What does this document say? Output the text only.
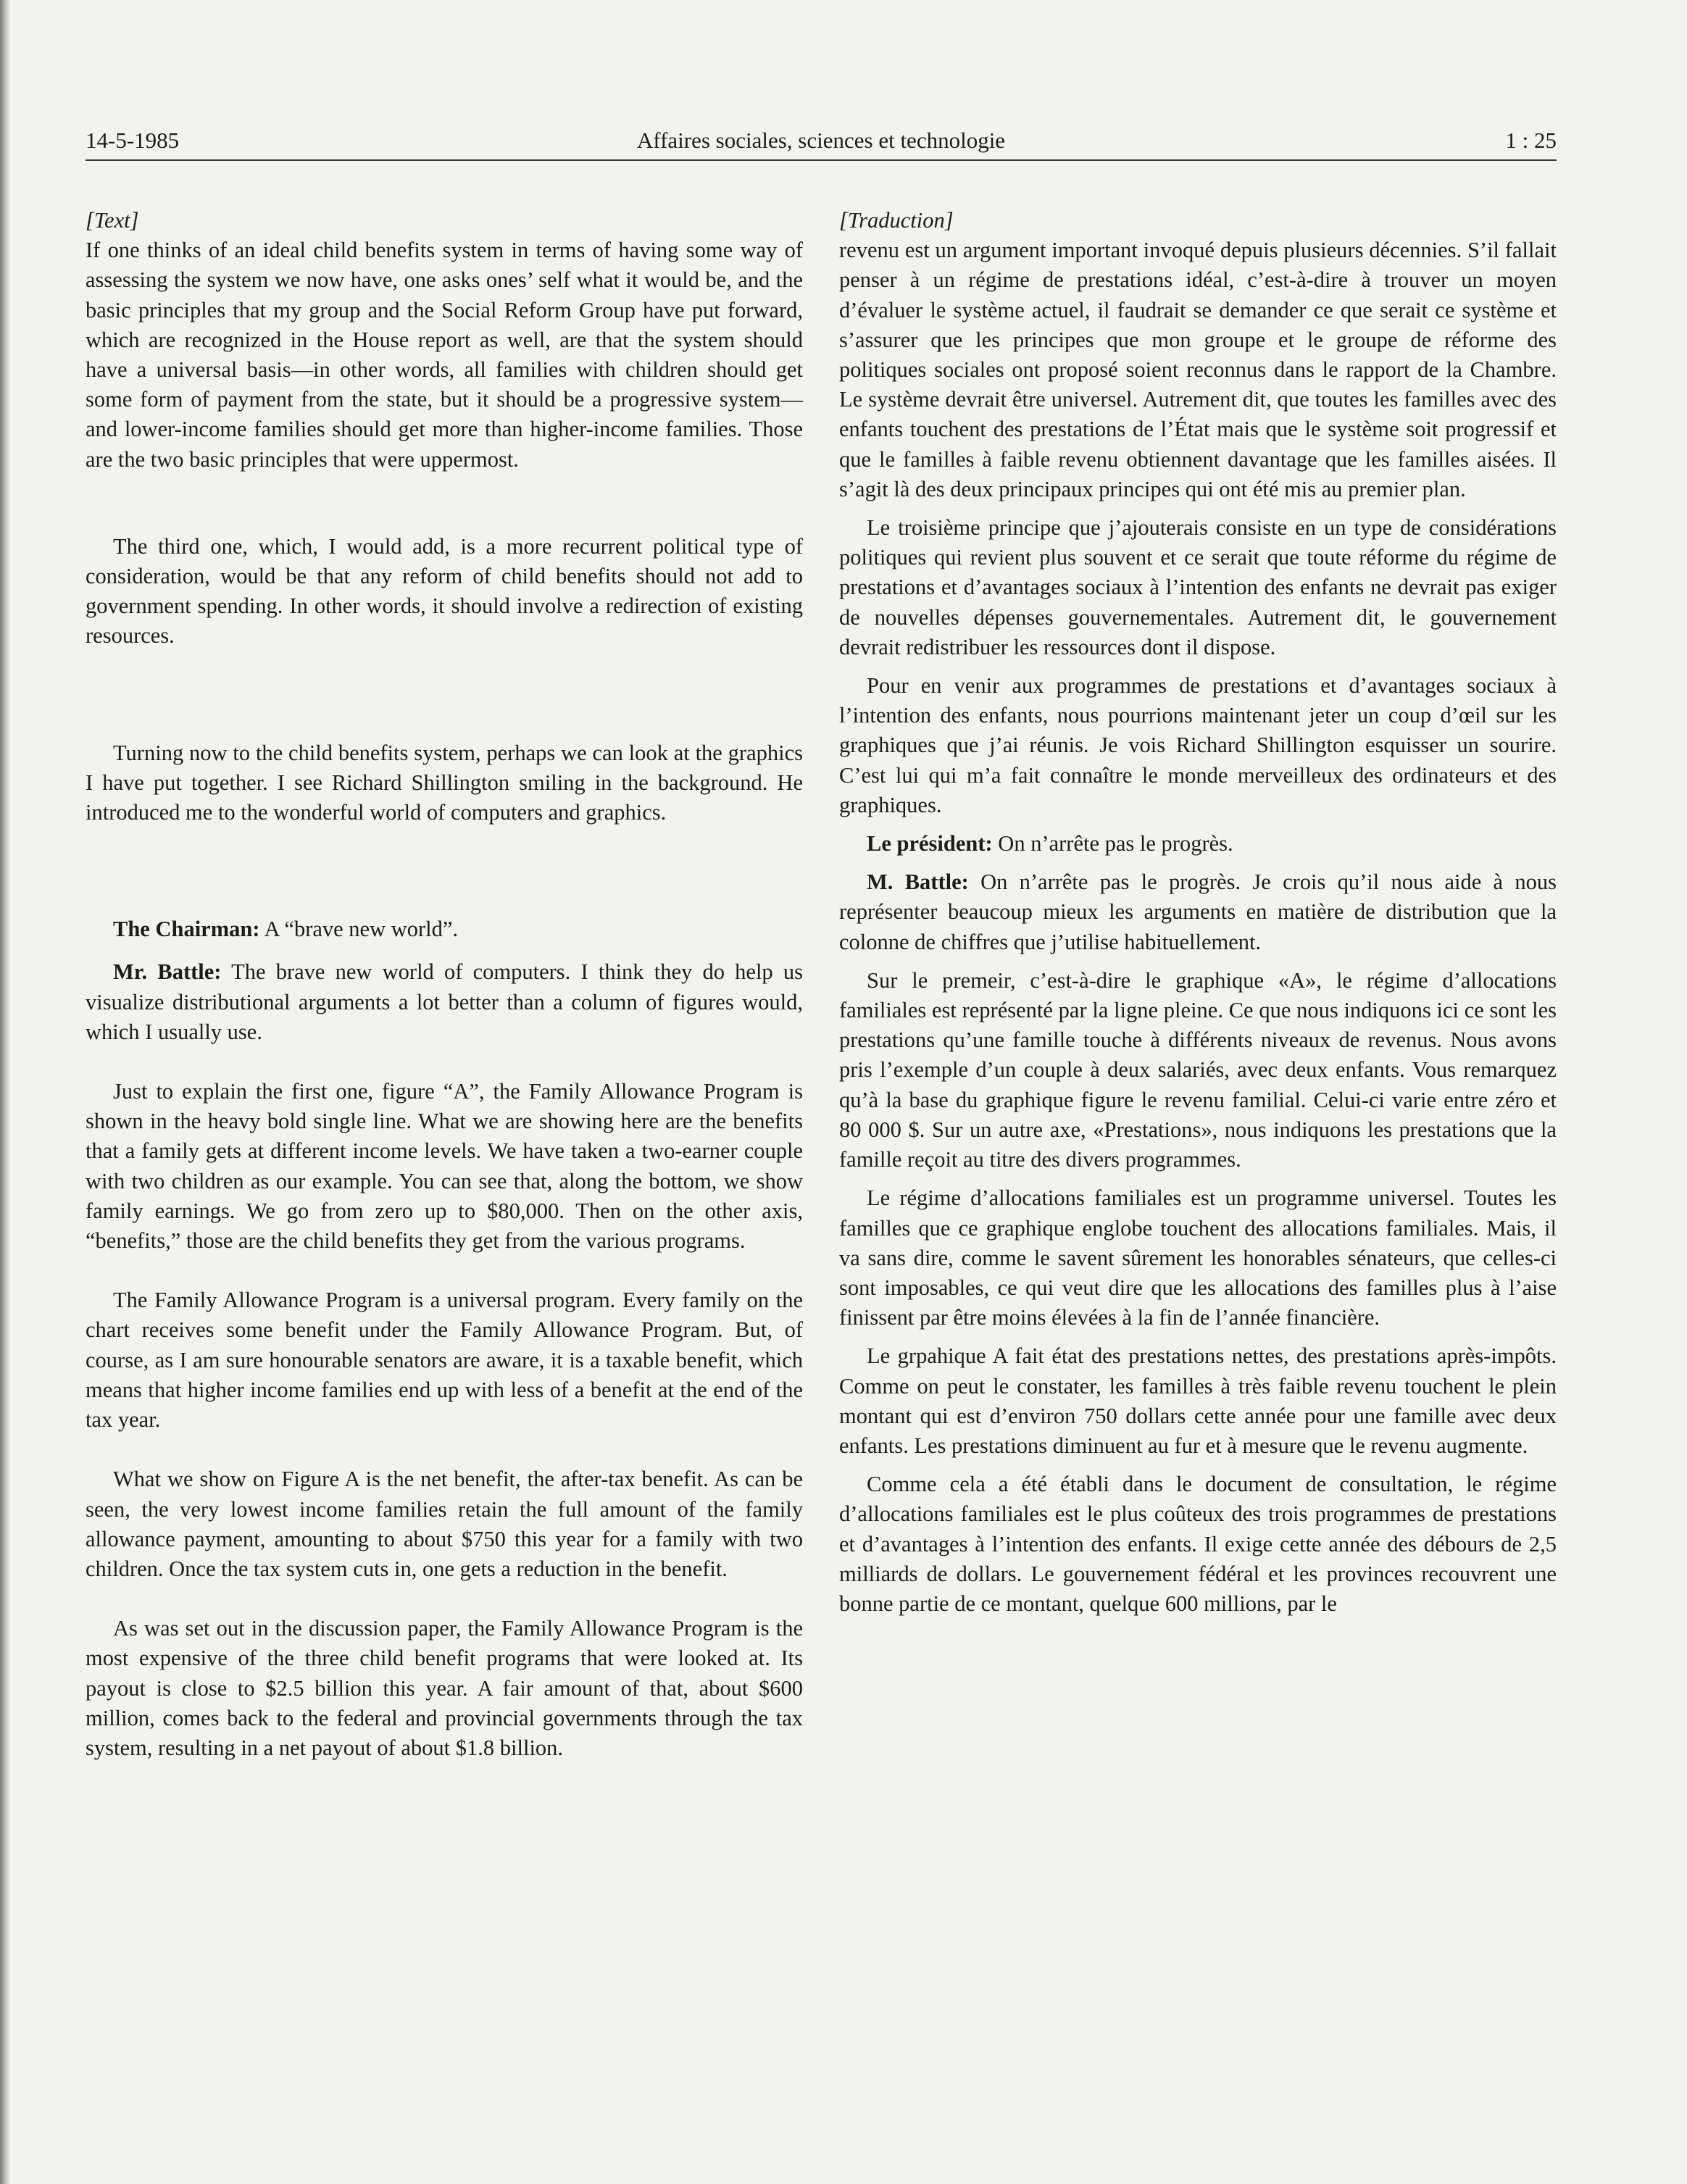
14-5-1985	Affaires sociales, sciences et technologie	1 : 25

[Text]

If one thinks of an ideal child benefits system in terms of having some way of assessing the system we now have, one asks ones’ self what it would be, and the basic principles that my group and the Social Reform Group have put forward, which are recognized in the House report as well, are that the system should have a universal basis—in other words, all families with children should get some form of payment from the state, but it should be a progressive system—and lower-income families should get more than higher-income families. Those are the two basic principles that were uppermost.

The third one, which, I would add, is a more recurrent political type of consideration, would be that any reform of child benefits should not add to government spending. In other words, it should involve a redirection of existing resources.

Turning now to the child benefits system, perhaps we can look at the graphics I have put together. I see Richard Shillington smiling in the background. He introduced me to the wonderful world of computers and graphics.

The Chairman: A “brave new world”.

Mr. Battle: The brave new world of computers. I think they do help us visualize distributional arguments a lot better than a column of figures would, which I usually use.

Just to explain the first one, figure “A”, the Family Allowance Program is shown in the heavy bold single line. What we are showing here are the benefits that a family gets at different income levels. We have taken a two-earner couple with two children as our example. You can see that, along the bottom, we show family earnings. We go from zero up to $80,000. Then on the other axis, “benefits,” those are the child benefits they get from the various programs.

The Family Allowance Program is a universal program. Every family on the chart receives some benefit under the Family Allowance Program. But, of course, as I am sure honourable senators are aware, it is a taxable benefit, which means that higher income families end up with less of a benefit at the end of the tax year.

What we show on Figure A is the net benefit, the after-tax benefit. As can be seen, the very lowest income families retain the full amount of the family allowance payment, amounting to about $750 this year for a family with two children. Once the tax system cuts in, one gets a reduction in the benefit.

As was set out in the discussion paper, the Family Allowance Program is the most expensive of the three child benefit programs that were looked at. Its payout is close to $2.5 billion this year. A fair amount of that, about $600 million, comes back to the federal and provincial governments through the tax system, resulting in a net payout of about $1.8 billion.

[Traduction]

revenu est un argument important invoqué depuis plusieurs décennies. S’il fallait penser à un régime de prestations idéal, c’est-à-dire à trouver un moyen d’évaluer le système actuel, il faudrait se demander ce que serait ce système et s’assurer que les principes que mon groupe et le groupe de réforme des politiques sociales ont proposé soient reconnus dans le rapport de la Chambre. Le système devrait être universel. Autrement dit, que toutes les familles avec des enfants touchent des prestations de l’État mais que le système soit progressif et que le familles à faible revenu obtiennent davantage que les familles aisées. Il s’agit là des deux principaux principes qui ont été mis au premier plan.

Le troisième principe que j’ajouterais consiste en un type de considérations politiques qui revient plus souvent et ce serait que toute réforme du régime de prestations et d’avantages sociaux à l’intention des enfants ne devrait pas exiger de nouvelles dépenses gouvernementales. Autrement dit, le gouvernement devrait redistribuer les ressources dont il dispose.

Pour en venir aux programmes de prestations et d’avantages sociaux à l’intention des enfants, nous pourrions maintenant jeter un coup d’œil sur les graphiques que j’ai réunis. Je vois Richard Shillington esquisser un sourire. C’est lui qui m’a fait connaître le monde merveilleux des ordinateurs et des graphiques.

Le président: On n’arrête pas le progrès.

M. Battle: On n’arrête pas le progrès. Je crois qu’il nous aide à nous représenter beaucoup mieux les arguments en matière de distribution que la colonne de chiffres que j’utilise habituellement.

Sur le premeir, c’est-à-dire le graphique «A», le régime d’allocations familiales est représenté par la ligne pleine. Ce que nous indiquons ici ce sont les prestations qu’une famille touche à différents niveaux de revenus. Nous avons pris l’exemple d’un couple à deux salariés, avec deux enfants. Vous remarquez qu’à la base du graphique figure le revenu familial. Celui-ci varie entre zéro et 80 000 $. Sur un autre axe, «Prestations», nous indiquons les prestations que la famille reçoit au titre des divers programmes.

Le régime d’allocations familiales est un programme universel. Toutes les familles que ce graphique englobe touchent des allocations familiales. Mais, il va sans dire, comme le savent sûrement les honorables sénateurs, que celles-ci sont imposables, ce qui veut dire que les allocations des familles plus à l’aise finissent par être moins élevées à la fin de l’année financière.

Le grpahique A fait état des prestations nettes, des prestations après-impôts. Comme on peut le constater, les familles à très faible revenu touchent le plein montant qui est d’environ 750 dollars cette année pour une famille avec deux enfants. Les prestations diminuent au fur et à mesure que le revenu augmente.

Comme cela a été établi dans le document de consultation, le régime d’allocations familiales est le plus coûteux des trois programmes de prestations et d’avantages à l’intention des enfants. Il exige cette année des débours de 2,5 milliards de dollars. Le gouvernement fédéral et les provinces recouvrent une bonne partie de ce montant, quelque 600 millions, par le
